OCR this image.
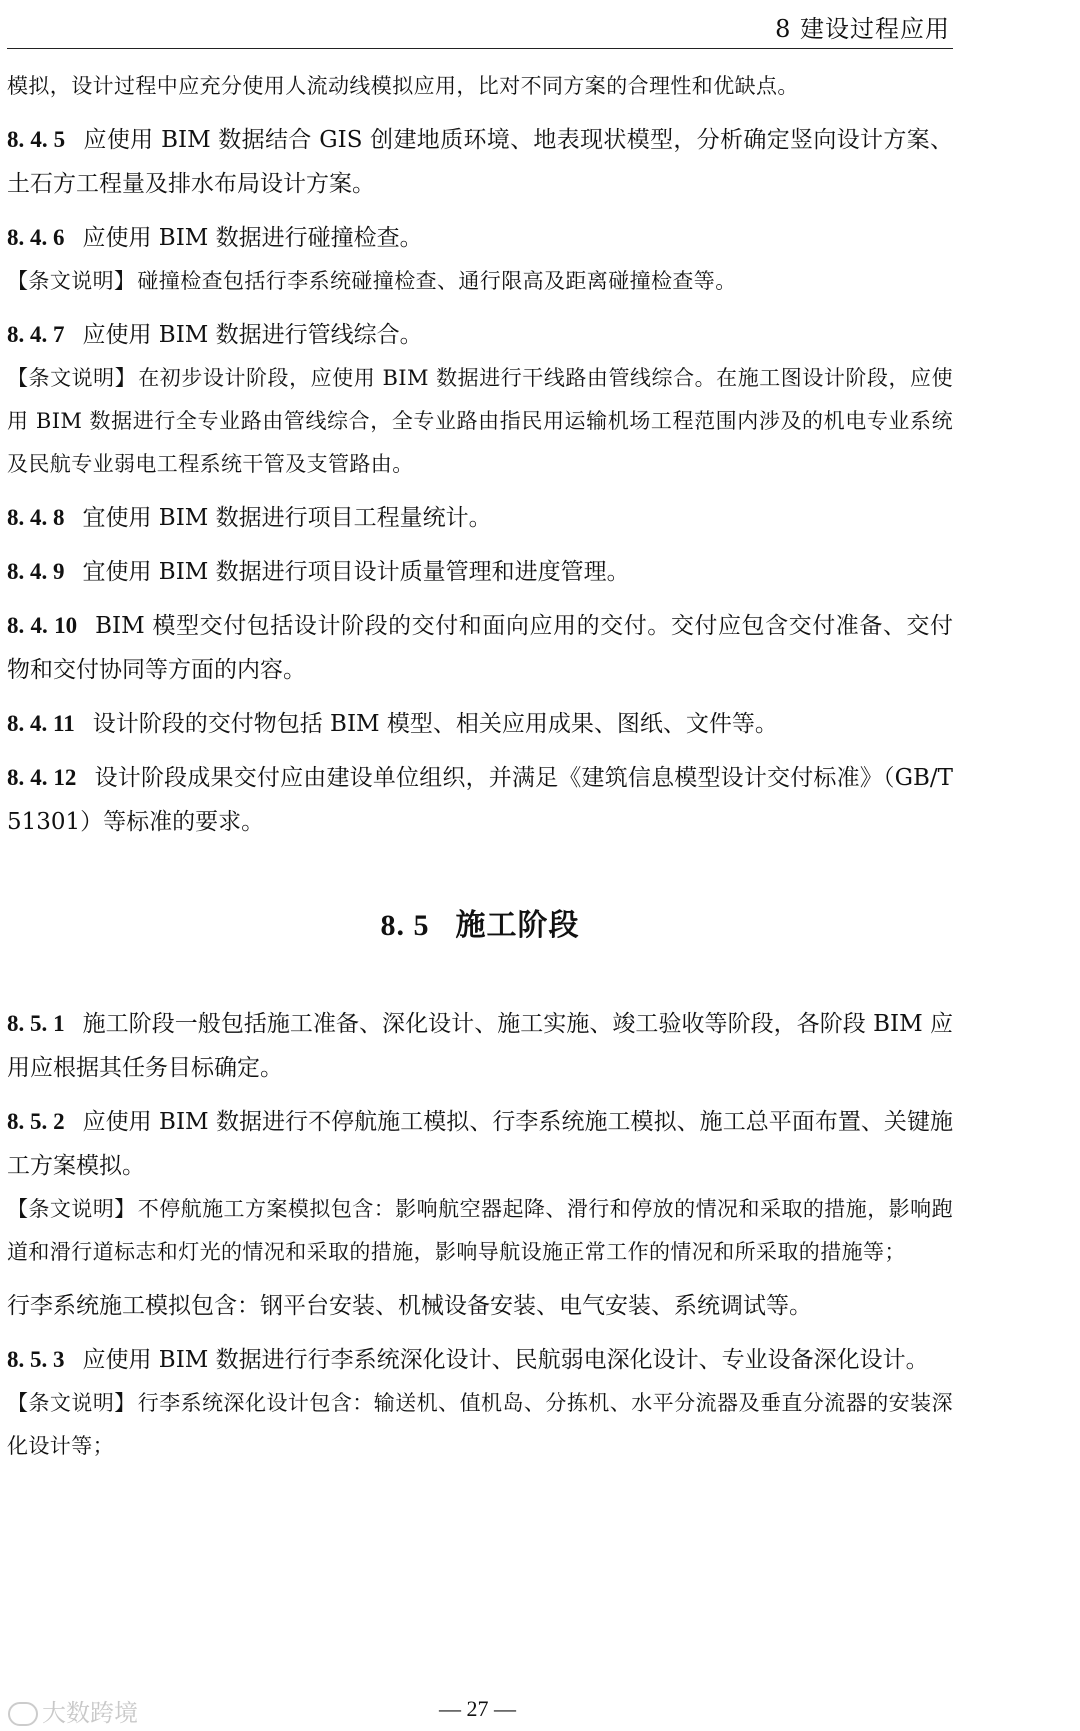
8 建设过程应用
模拟，设计过程中应充分使用人流动线模拟应用，比对不同方案的合理性和优缺点。
8. 4. 5 应使用 BIM 数据结合 GIS 创建地质环境、地表现状模型，分析确定竖向设计方案、土石方工程量及排水布局设计方案。
8. 4. 6 应使用 BIM 数据进行碰撞检查。
【条文说明】碰撞检查包括行李系统碰撞检查、通行限高及距离碰撞检查等。
8. 4. 7 应使用 BIM 数据进行管线综合。
【条文说明】在初步设计阶段，应使用 BIM 数据进行干线路由管线综合。在施工图设计阶段，应使用 BIM 数据进行全专业路由管线综合，全专业路由指民用运输机场工程范围内涉及的机电专业系统及民航专业弱电工程系统干管及支管路由。
8. 4. 8 宜使用 BIM 数据进行项目工程量统计。
8. 4. 9 宜使用 BIM 数据进行项目设计质量管理和进度管理。
8. 4. 10 BIM 模型交付包括设计阶段的交付和面向应用的交付。交付应包含交付准备、交付物和交付协同等方面的内容。
8. 4. 11 设计阶段的交付物包括 BIM 模型、相关应用成果、图纸、文件等。
8. 4. 12 设计阶段成果交付应由建设单位组织，并满足《建筑信息模型设计交付标准》（GB/T 51301）等标准的要求。
8. 5 施工阶段
8. 5. 1 施工阶段一般包括施工准备、深化设计、施工实施、竣工验收等阶段，各阶段 BIM 应用应根据其任务目标确定。
8. 5. 2 应使用 BIM 数据进行不停航施工模拟、行李系统施工模拟、施工总平面布置、关键施工方案模拟。
【条文说明】不停航施工方案模拟包含：影响航空器起降、滑行和停放的情况和采取的措施，影响跑道和滑行道标志和灯光的情况和采取的措施，影响导航设施正常工作的情况和所采取的措施等；
行李系统施工模拟包含：钢平台安装、机械设备安装、电气安装、系统调试等。
8. 5. 3 应使用 BIM 数据进行行李系统深化设计、民航弱电深化设计、专业设备深化设计。
【条文说明】行李系统深化设计包含：输送机、值机岛、分拣机、水平分流器及垂直分流器的安装深化设计等；
— 27 —
大数跨境
